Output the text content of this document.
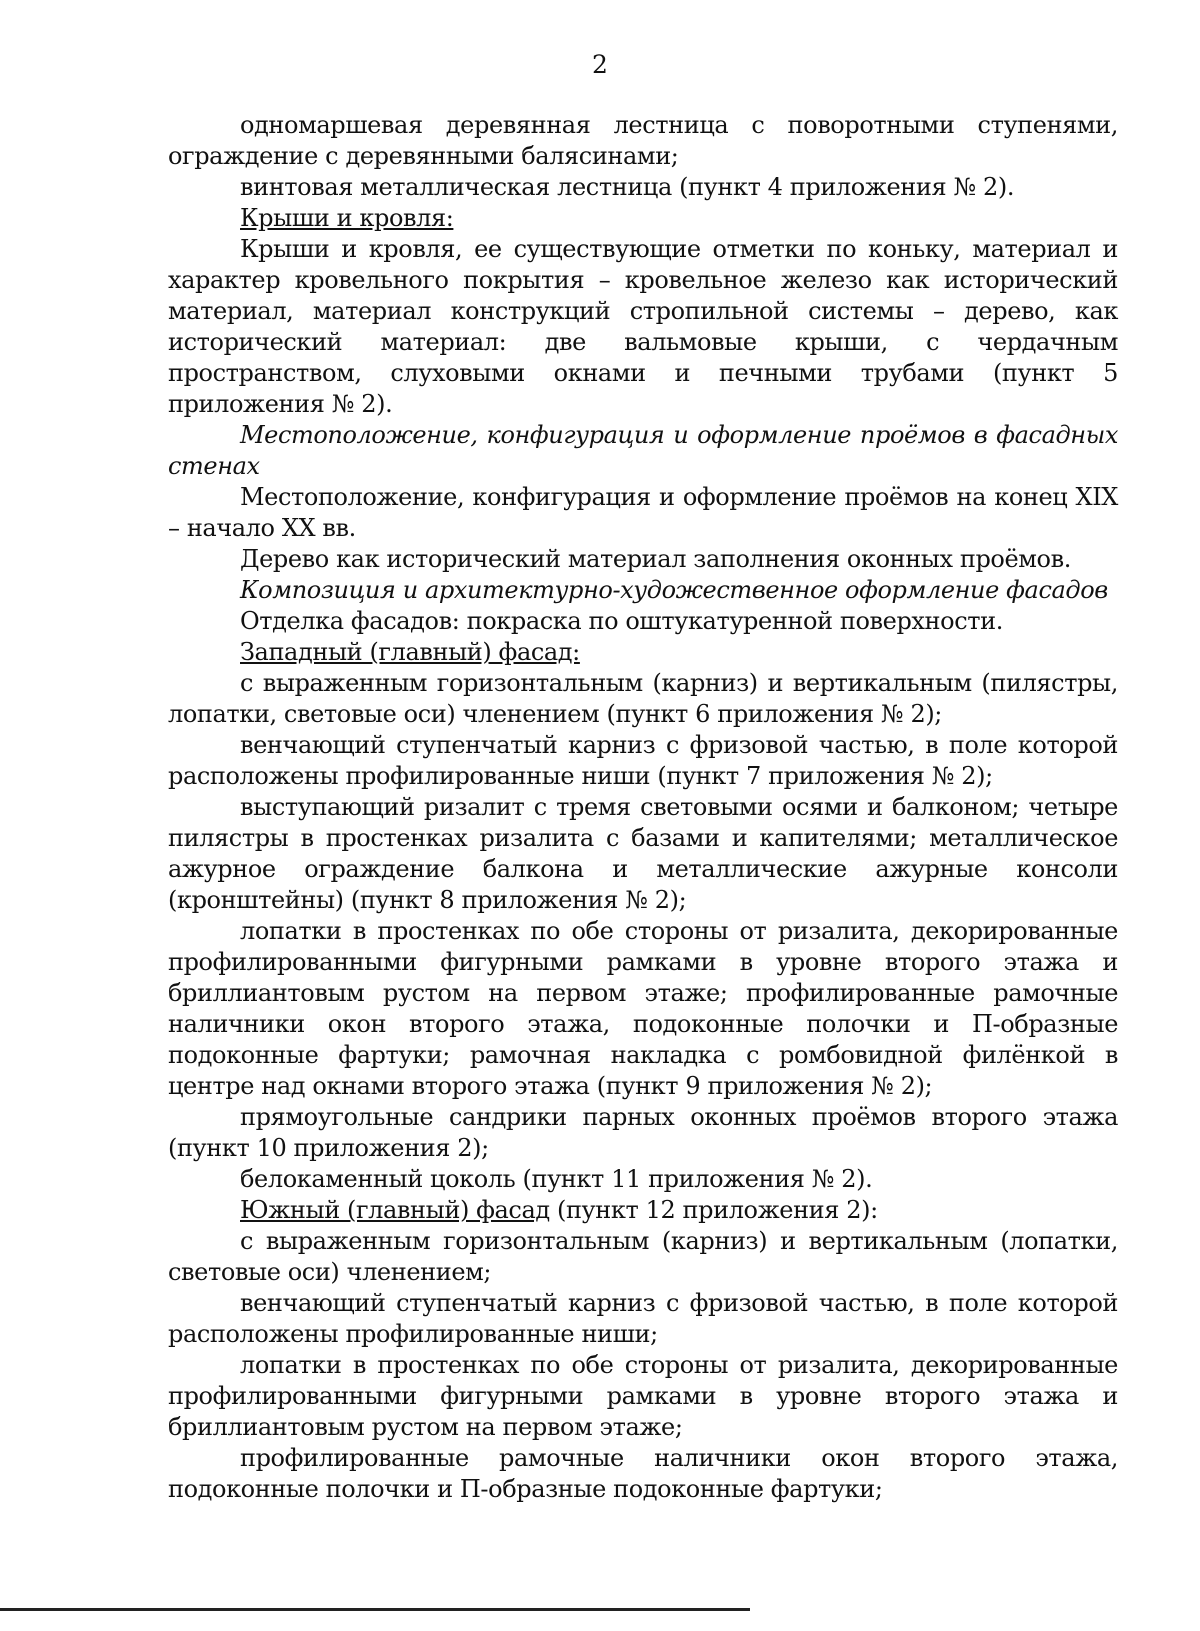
2

одномаршевая деревянная лестница с поворотными ступенями, ограждение с деревянными балясинами;

винтовая металлическая лестница (пункт 4 приложения № 2).

Крыши и кровля:

Крыши и кровля, ее существующие отметки по коньку, материал и характер кровельного покрытия – кровельное железо как исторический материал, материал конструкций стропильной системы – дерево, как исторический материал: две вальмовые крыши, с чердачным пространством, слуховыми окнами и печными трубами (пункт 5 приложения № 2).

Местоположение, конфигурация и оформление проёмов в фасадных стенах

Местоположение, конфигурация и оформление проёмов на конец XIX – начало XX вв.

Дерево как исторический материал заполнения оконных проёмов.

Композиция и архитектурно-художественное оформление фасадов

Отделка фасадов: покраска по оштукатуренной поверхности.

Западный (главный) фасад:

с выраженным горизонтальным (карниз) и вертикальным (пилястры, лопатки, световые оси) членением (пункт 6 приложения № 2);

венчающий ступенчатый карниз с фризовой частью, в поле которой расположены профилированные ниши (пункт 7 приложения № 2);

выступающий ризалит с тремя световыми осями и балконом; четыре пилястры в простенках ризалита с базами и капителями; металлическое ажурное ограждение балкона и металлические ажурные консоли (кронштейны) (пункт 8 приложения № 2);

лопатки в простенках по обе стороны от ризалита, декорированные профилированными фигурными рамками в уровне второго этажа и бриллиантовым рустом на первом этаже; профилированные рамочные наличники окон второго этажа, подоконные полочки и П-образные подоконные фартуки; рамочная накладка с ромбовидной филёнкой в центре над окнами второго этажа (пункт 9 приложения № 2);

прямоугольные сандрики парных оконных проёмов второго этажа (пункт 10 приложения 2);

белокаменный цоколь (пункт 11 приложения № 2).

Южный (главный) фасад (пункт 12 приложения 2):

с выраженным горизонтальным (карниз) и вертикальным (лопатки, световые оси) членением;

венчающий ступенчатый карниз с фризовой частью, в поле которой расположены профилированные ниши;

лопатки в простенках по обе стороны от ризалита, декорированные профилированными фигурными рамками в уровне второго этажа и бриллиантовым рустом на первом этаже;

профилированные рамочные наличники окон второго этажа, подоконные полочки и П-образные подоконные фартуки;
